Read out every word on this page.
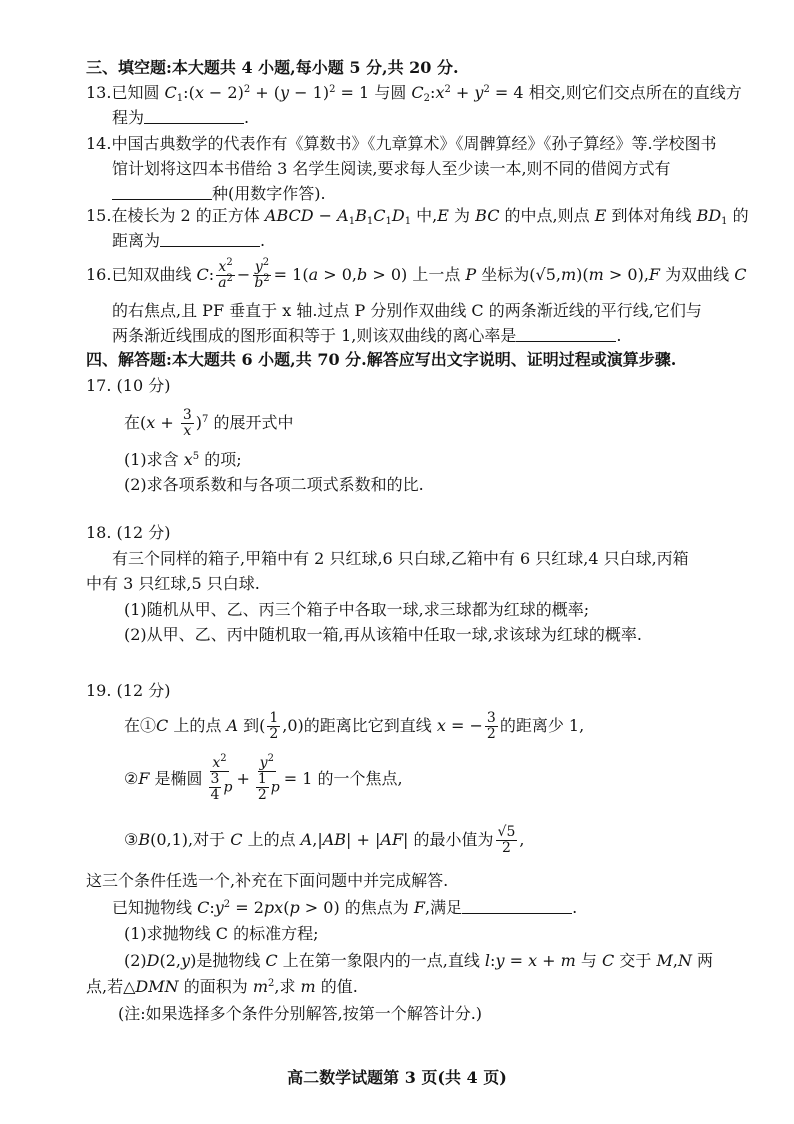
三、填空题:本大题共 4 小题,每小题 5 分,共 20 分.
13.已知圆 $C_1:(x - 2)^2 + (y - 1)^2 = 1$ 与圆 $C_2:x^2 + y^2 = 4$ 相交,则它们交点所在的直线方
程为	.
14.中国古典数学的代表作有《算数书》《九章算术》《周髀算经》《孙子算经》等.学校图书
馆计划将这四本书借给 3 名学生阅读,要求每人至少读一本,则不同的借阅方式有
种(用数字作答).
15.在棱长为 2 的正方体 ABCD − $A_1B_1C_1D_1$ 中,E 为 BC 的中点,则点 E 到体对角线 $BD_1$ 的
距离为	.
16.已知双曲线 C: $\frac{x^2}{a^2} - \frac{y^2}{b^2} = 1(a > 0,b > 0)$ 上一点 P 坐标为(√5,m)(m > 0),F 为双曲线 C
的右焦点,且 PF 垂直于 x 轴.过点 P 分别作双曲线 C 的两条渐近线的平行线,它们与
两条渐近线围成的图形面积等于 1,则该双曲线的离心率是	.
四、解答题:本大题共 6 小题,共 70 分.解答应写出文字说明、证明过程或演算步骤.
17. (10 分)
在$(x + \frac{3}{x} )^7$ 的展开式中
(1)求含 $x^5$ 的项;
(2)求各项系数和与各项二项式系数和的比.
18. (12 分)
有三个同样的箱子,甲箱中有 2 只红球,6 只白球,乙箱中有 6 只红球,4 只白球,丙箱
中有 3 只红球,5 只白球.
(1)随机从甲、乙、丙三个箱子中各取一球,求三球都为红球的概率;
(2)从甲、乙、丙中随机取一箱,再从该箱中任取一球,求该球为红球的概率.
19. (12 分)
在①C 上的点 A 到( $\frac{1}{2} ,0$)的距离比它到直线 x = − $\frac{3}{2}$ 的距离少 1,
②F 是椭圆 $\frac{x^2}{\frac{3}{4} p} + \frac{y^2}{\frac{1}{2} p} = 1$ 的一个焦点,
③B(0,1),对于 C 上的点 A,|AB| + |AF| 的最小值为 $\frac{√5}{2}$ ,
这三个条件任选一个,补充在下面问题中并完成解答.
已知抛物线 $C:y^2 = 2px(p > 0)$ 的焦点为 F,满足	.
(1)求抛物线 C 的标准方程;
(2)D(2,y)是抛物线 C 上在第一象限内的一点,直线 l:y = x + m 与 C 交于 M,N 两
点,若△DMN 的面积为 $m^2$,求 m 的值.
(注:如果选择多个条件分别解答,按第一个解答计分.)
高二数学试题第 3 页(共 4 页)
